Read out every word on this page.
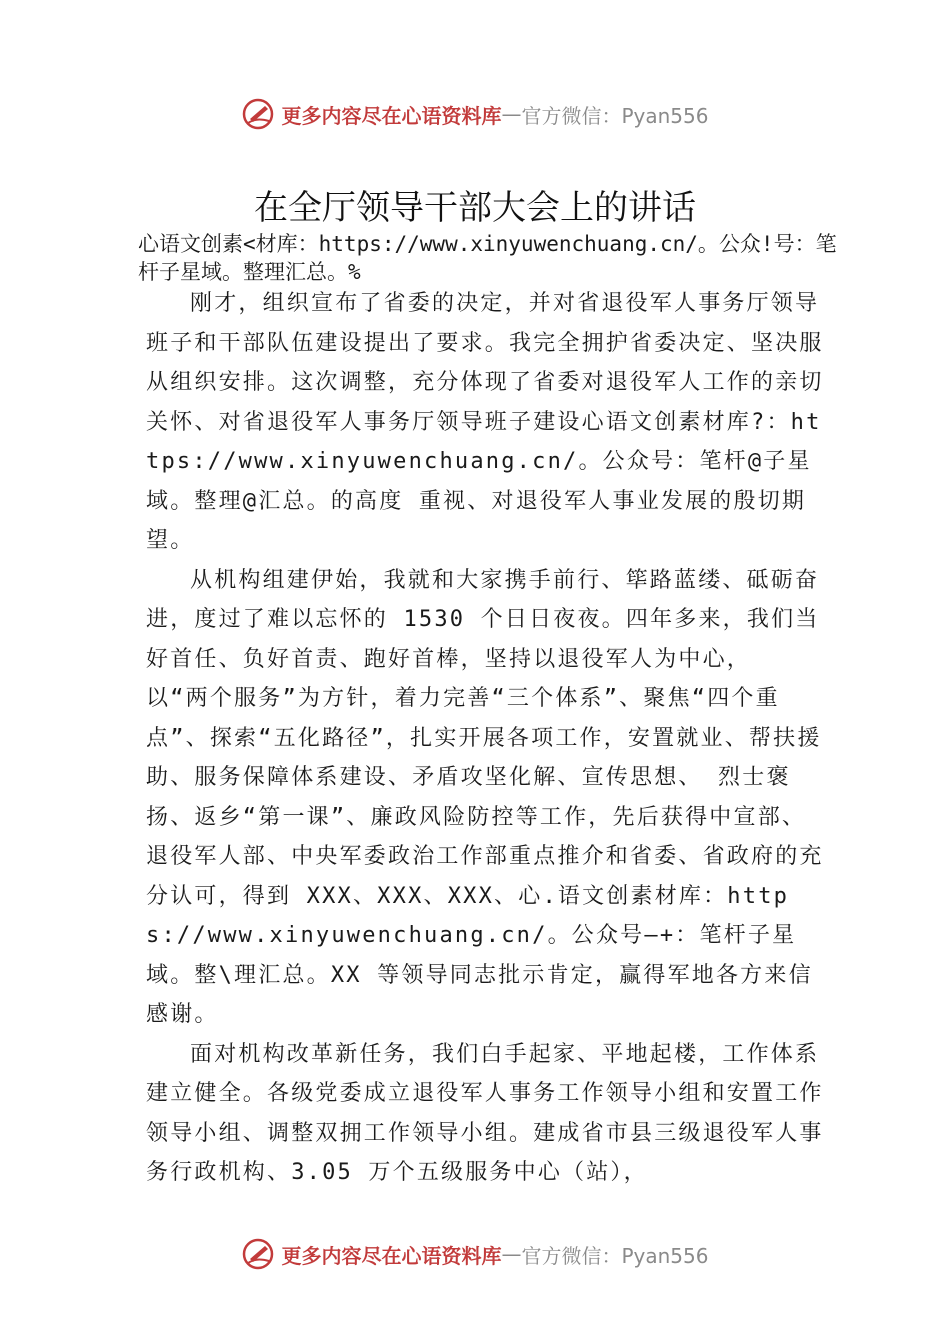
更多内容尽在心语资料库 — 官方微信：Pyan556
在全厅领导干部大会上的讲话
心语文创素<材库：https://www.xinyuwenchuang.cn/。公众!号：笔杆子星域。整理汇总。%

刚才，组织宣布了省委的决定，并对省退役军人事务厅领导班子和干部队伍建设提出了要求。我完全拥护省委决定、坚决服从组织安排。这次调整，充分体现了省委对退役军人工作的亲切关怀、对省退役军人事务厅领导班子建设心语文创素材库?：https://www.xinyuwenchuang.cn/。公众号：笔杆@子星域。整理@汇总。的高度 重视、对退役军人事业发展的殷切期望。

从机构组建伊始，我就和大家携手前行、筚路蓝缕、砥砺奋进，度过了难以忘怀的 1530 个日日夜夜。四年多来，我们当好首任、负好首责、跑好首棒，坚持以退役军人为中心， 以“两个服务”为方针，着力完善“三个体系”、聚焦“四个重点”、探索“五化路径”，扎实开展各项工作，安置就业、帮扶援助、服务保障体系建设、矛盾攻坚化解、宣传思想、 烈士褒扬、返乡“第一课”、廉政风险防控等工作，先后获得中宣部、退役军人部、中央军委政治工作部重点推介和省委、省政府的充分认可，得到 XXX、XXX、XXX、心.语文创素材库：https://www.xinyuwenchuang.cn/。公众号—+：笔杆子星域。整\理汇总。XX 等领导同志批示肯定，赢得军地各方来信感谢。

面对机构改革新任务，我们白手起家、平地起楼，工作体系建立健全。各级党委成立退役军人事务工作领导小组和安置工作领导小组、调整双拥工作领导小组。建成省市县三级退役军人事务行政机构、3.05 万个五级服务中心（站），

更多内容尽在心语资料库 — 官方微信：Pyan556
